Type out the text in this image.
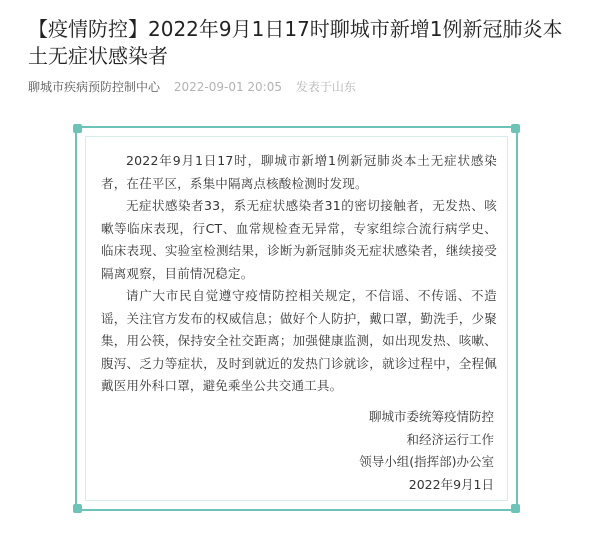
【疫情防控】2022年9月1日17时聊城市新增1例新冠肺炎本土无症状感染者
聊城市疾病预防控制中心 2022-09-01 20:05 发表于山东

2022年9月1日17时，聊城市新增1例新冠肺炎本土无症状感染者，在茌平区，系集中隔离点核酸检测时发现。

无症状感染者33，系无症状感染者31的密切接触者，无发热、咳嗽等临床表现，行CT、血常规检查无异常，专家组综合流行病学史、临床表现、实验室检测结果，诊断为新冠肺炎无症状感染者，继续接受隔离观察，目前情况稳定。

请广大市民自觉遵守疫情防控相关规定，不信谣、不传谣、不造谣，关注官方发布的权威信息；做好个人防护，戴口罩，勤洗手，少聚集，用公筷，保持安全社交距离；加强健康监测，如出现发热、咳嗽、腹泻、乏力等症状，及时到就近的发热门诊就诊，就诊过程中，全程佩戴医用外科口罩，避免乘坐公共交通工具。

聊城市委统筹疫情防控
和经济运行工作
领导小组(指挥部)办公室
2022年9月1日
